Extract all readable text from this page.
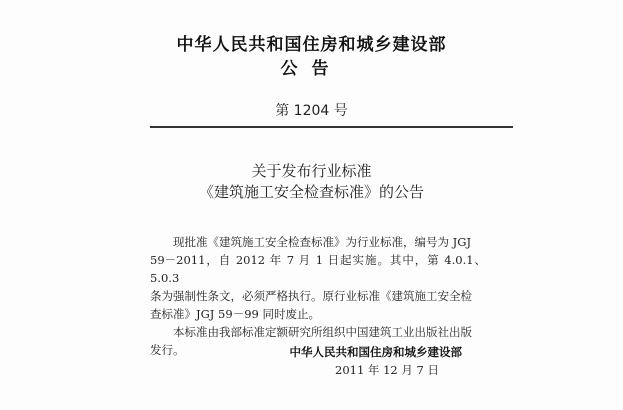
中华人民共和国住房和城乡建设部
公告
第 1204 号
关于发布行业标准
《建筑施工安全检查标准》的公告

现批准《建筑施工安全检查标准》为行业标准，编号为 JGJ
59－2011，自 2012 年 7 月 1 日起实施。其中，第 4.0.1、5.0.3
条为强制性条文，必须严格执行。原行业标准《建筑施工安全检
查标准》JGJ 59－99 同时废止。

本标准由我部标准定额研究所组织中国建筑工业出版社出版
发行。	中华人民共和国住房和城乡建设部
2011 年 12 月 7 日
